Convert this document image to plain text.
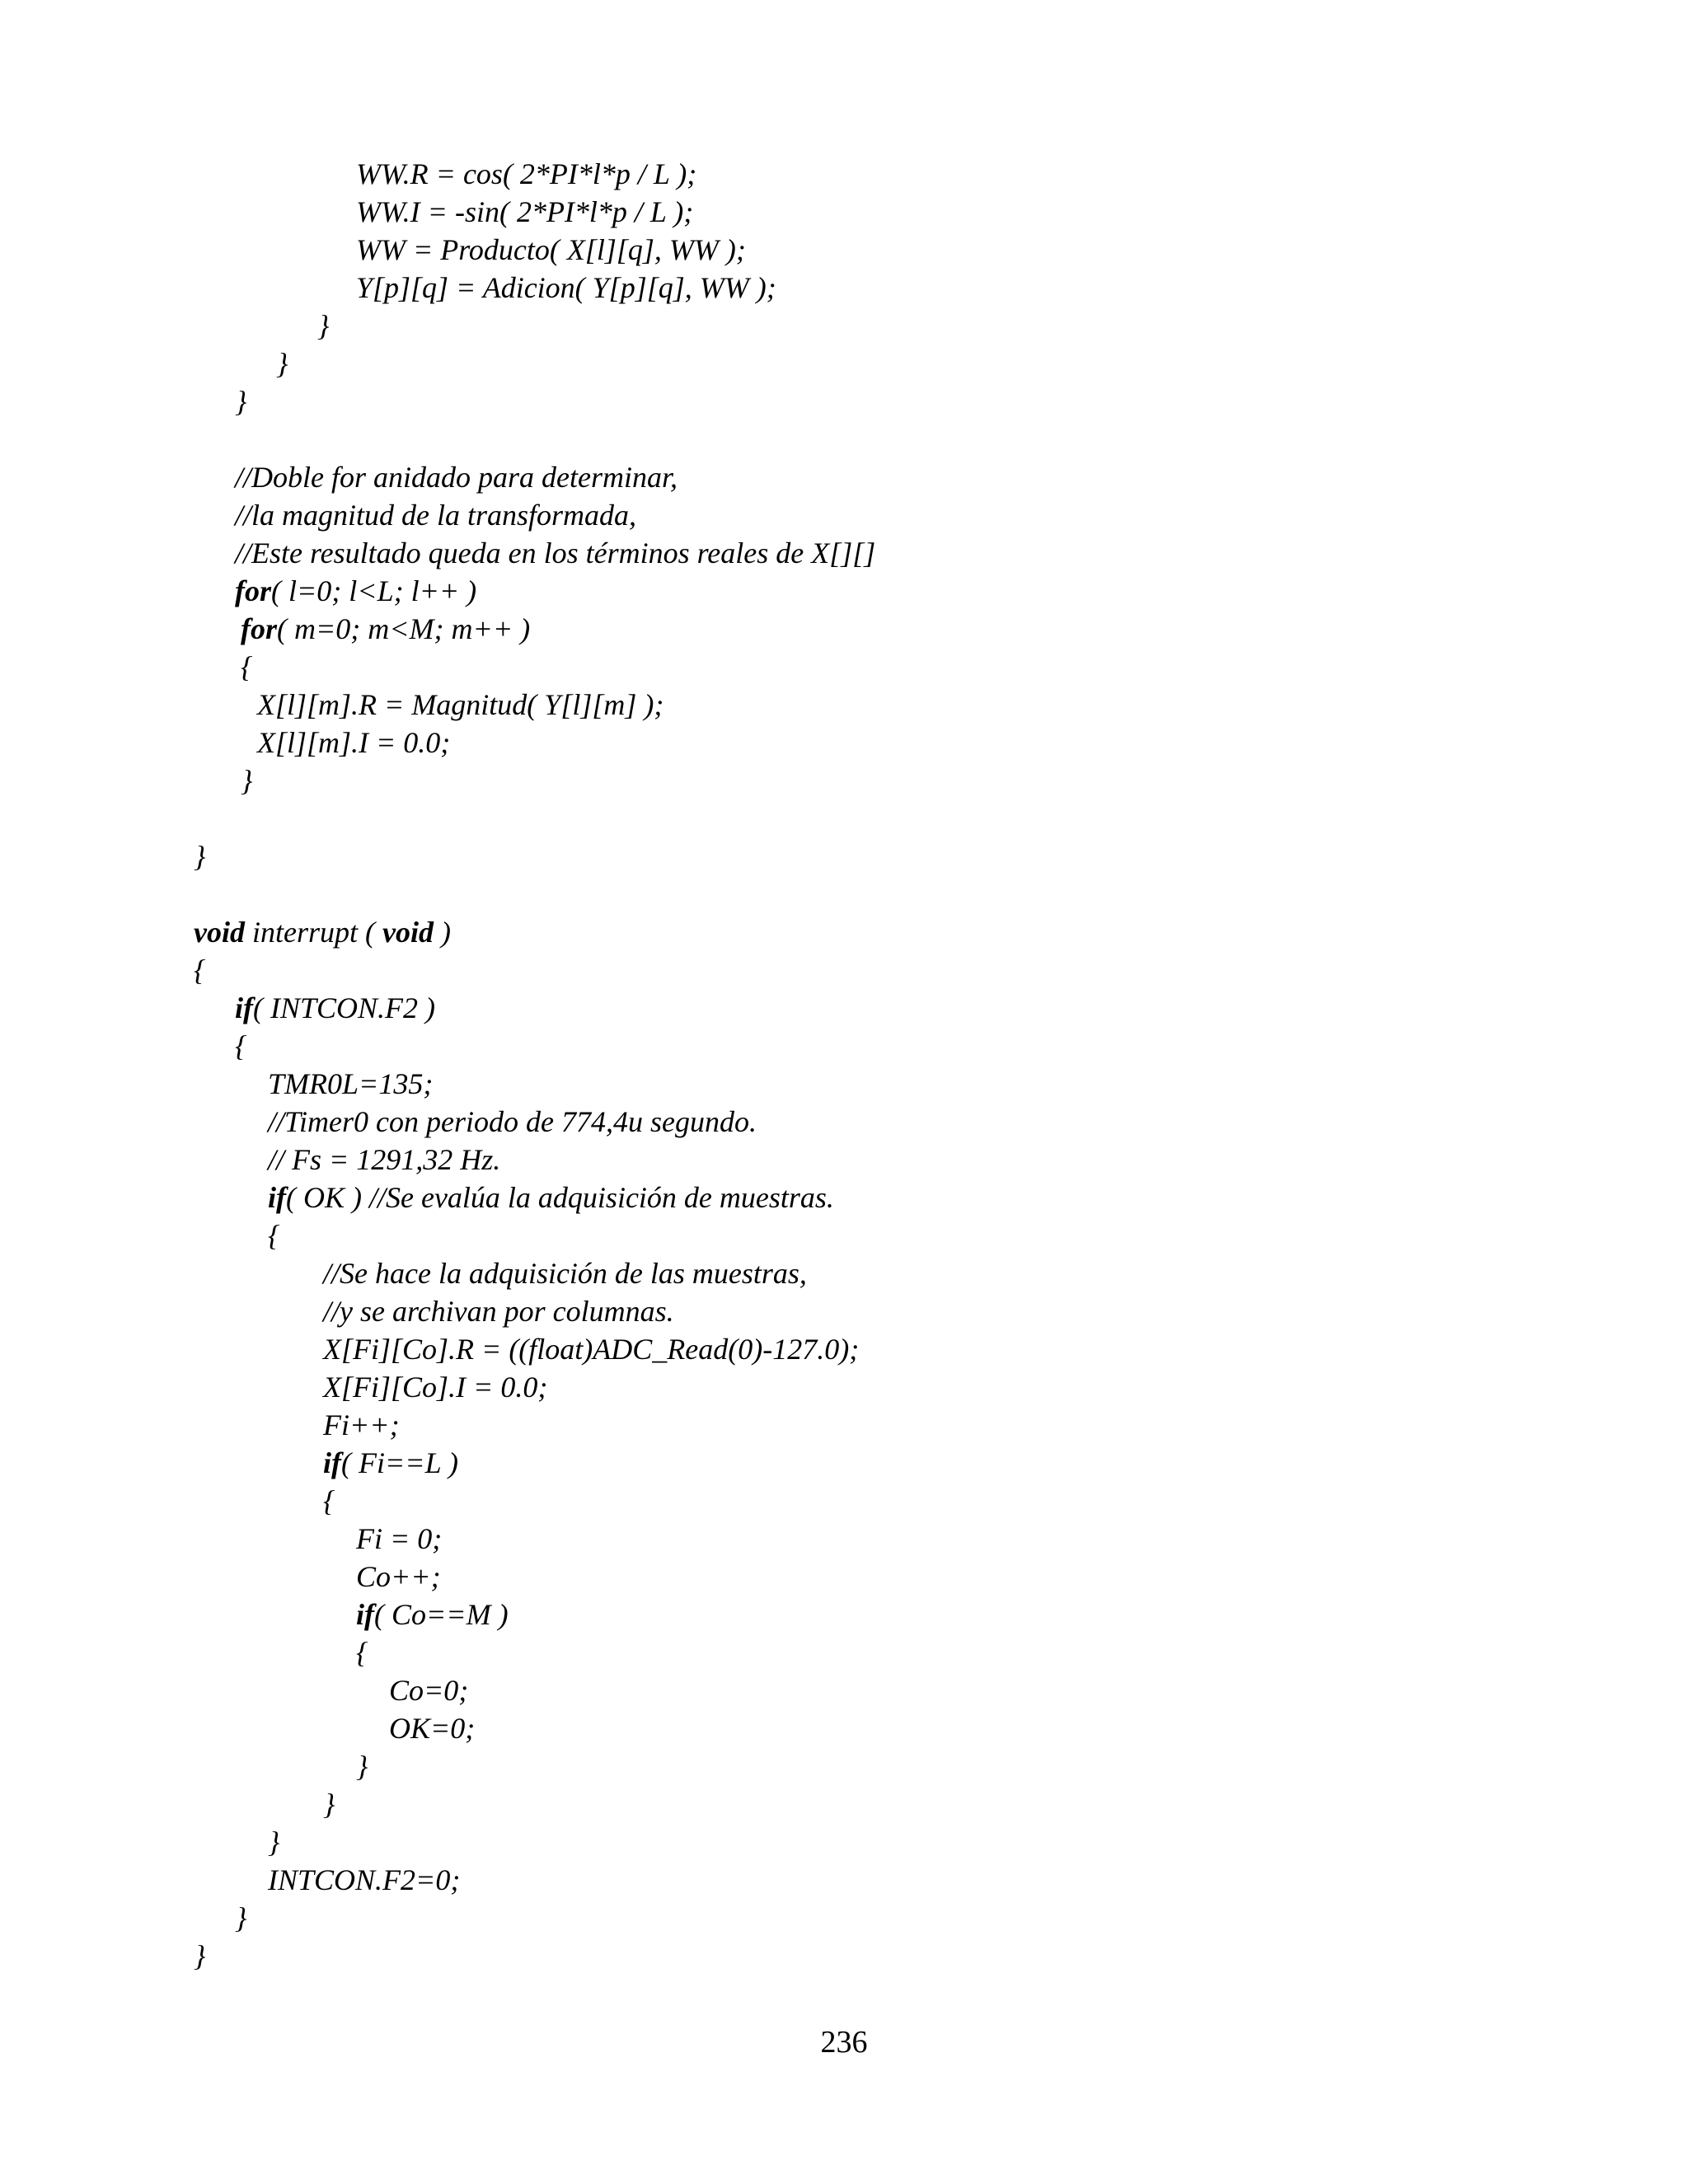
WW.R = cos( 2*PI*l*p / L );
WW.I = -sin( 2*PI*l*p / L );
WW = Producto( X[l][q], WW );
Y[p][q] = Adicion( Y[p][q], WW );
}
}
}
//Doble for anidado para determinar,
//la magnitud de la transformada,
//Este resultado queda en los términos reales de X[][]
for( l=0; l<L; l++ )
for( m=0; m<M; m++ )
{
X[l][m].R = Magnitud( Y[l][m] );
X[l][m].I = 0.0;
}
}
void interrupt ( void )
{
if( INTCON.F2 )
{
TMR0L=135;
//Timer0 con periodo de 774,4u segundo.
// Fs = 1291,32 Hz.
if( OK ) //Se evalúa la adquisición de muestras.
{
//Se hace la adquisición de las muestras,
//y se archivan por columnas.
X[Fi][Co].R = ((float)ADC_Read(0)-127.0);
X[Fi][Co].I = 0.0;
Fi++;
if( Fi==L )
{
Fi = 0;
Co++;
if( Co==M )
{
Co=0;
OK=0;
}
}
}
INTCON.F2=0;
}
}
236
